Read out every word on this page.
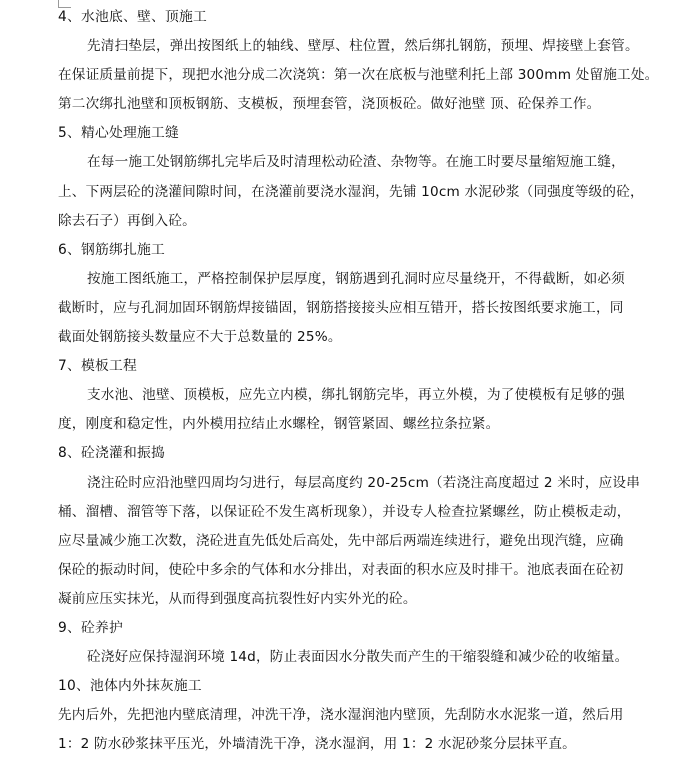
4、水池底、壁、顶施工
先清扫垫层，弹出按图纸上的轴线、壁厚、柱位置，然后绑扎钢筋，预埋、焊接壁上套管。
在保证质量前提下，现把水池分成二次浇筑：第一次在底板与池壁利托上部 300mm 处留施工处。
第二次绑扎池壁和顶板钢筋、支模板，预埋套管，浇顶板砼。做好池壁 顶、砼保养工作。
5、精心处理施工缝
在每一施工处钢筋绑扎完毕后及时清理松动砼渣、杂物等。在施工时要尽量缩短施工缝，
上、下两层砼的浇灌间隙时间，在浇灌前要浇水湿润，先铺 10cm 水泥砂浆（同强度等级的砼，
除去石子）再倒入砼。
6、钢筋绑扎施工
按施工图纸施工，严格控制保护层厚度，钢筋遇到孔洞时应尽量绕开，不得截断，如必须
截断时，应与孔洞加固环钢筋焊接锚固，钢筋搭接接头应相互错开，搭长按图纸要求施工，同
截面处钢筋接头数量应不大于总数量的 25%。
7、模板工程
支水池、池壁、顶模板，应先立内模，绑扎钢筋完毕，再立外模，为了使模板有足够的强
度，刚度和稳定性，内外模用拉结止水螺栓，钢管紧固、螺丝拉条拉紧。
8、砼浇灌和振捣
浇注砼时应沿池壁四周均匀进行，每层高度约 20-25cm（若浇注高度超过 2 米时，应设串
桶、溜槽、溜管等下落，以保证砼不发生离析现象），并设专人检查拉紧螺丝，防止模板走动，
应尽量减少施工次数，浇砼进直先低处后高处，先中部后两端连续进行，避免出现汽缝，应确
保砼的振动时间，使砼中多余的气体和水分排出，对表面的积水应及时排干。池底表面在砼初
凝前应压实抹光，从而得到强度高抗裂性好内实外光的砼。
9、砼养护
砼浇好应保持湿润环境 14d，防止表面因水分散失而产生的干缩裂缝和减少砼的收缩量。
10、池体内外抹灰施工
先内后外，先把池内壁底清理，冲洗干净，浇水湿润池内壁顶，先刮防水水泥浆一道，然后用
1：2 防水砂浆抹平压光，外墙清洗干净，浇水湿润，用 1：2 水泥砂浆分层抹平直。
